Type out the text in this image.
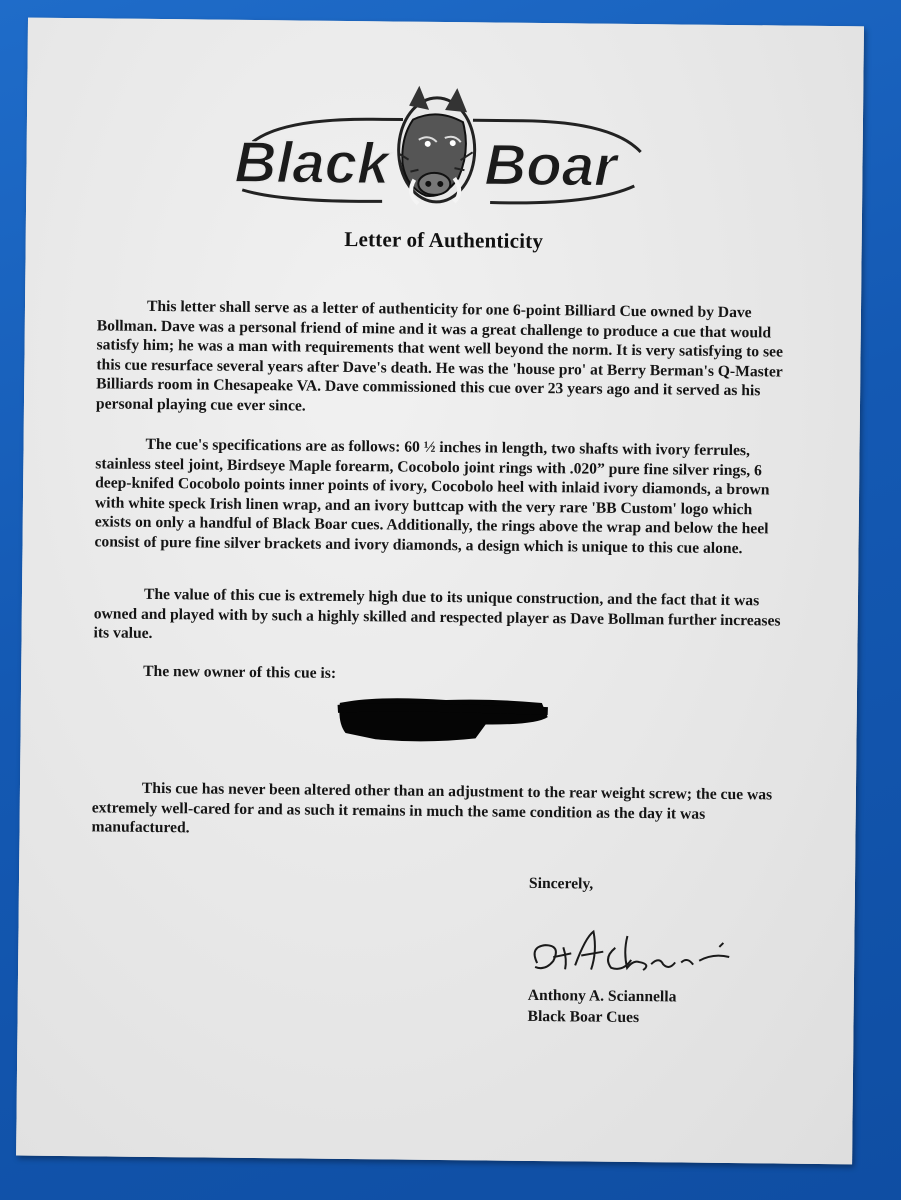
Black Boar
Black Boar
Letter of Authenticity

This letter shall serve as a letter of authenticity for one 6-point Billiard Cue owned by Dave Bollman. Dave was a personal friend of mine and it was a great challenge to produce a cue that would satisfy him; he was a man with requirements that went well beyond the norm. It is very satisfying to see this cue resurface several years after Dave's death. He was the 'house pro' at Berry Berman's Q-Master Billiards room in Chesapeake VA. Dave commissioned this cue over 23 years ago and it served as his personal playing cue ever since.

The cue's specifications are as follows: 60 ½ inches in length, two shafts with ivory ferrules, stainless steel joint, Birdseye Maple forearm, Cocobolo joint rings with .020” pure fine silver rings, 6 deep-knifed Cocobolo points inner points of ivory, Cocobolo heel with inlaid ivory diamonds, a brown with white speck Irish linen wrap, and an ivory buttcap with the very rare 'BB Custom' logo which exists on only a handful of Black Boar cues. Additionally, the rings above the wrap and below the heel consist of pure fine silver brackets and ivory diamonds, a design which is unique to this cue alone.

The value of this cue is extremely high due to its unique construction, and the fact that it was owned and played with by such a highly skilled and respected player as Dave Bollman further increases its value.

The new owner of this cue is:

This cue has never been altered other than an adjustment to the rear weight screw; the cue was extremely well-cared for and as such it remains in much the same condition as the day it was manufactured.

Sincerely,
Anthony A. Sciannella
Black Boar Cues
